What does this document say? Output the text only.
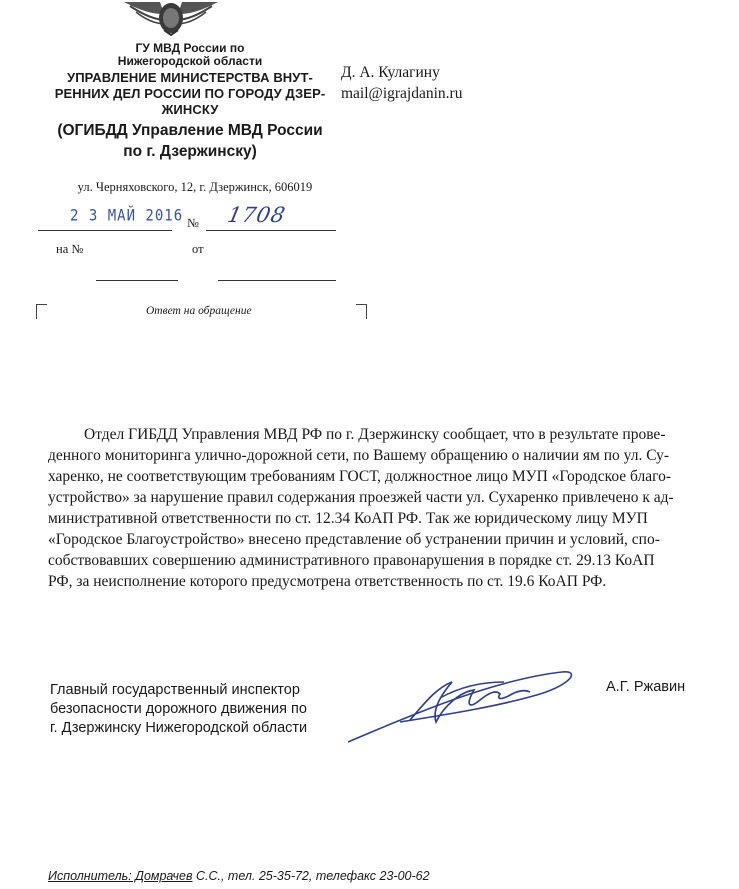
ГУ МВД России по
Нижегородской области
УПРАВЛЕНИЕ МИНИСТЕРСТВА ВНУТ-
РЕННИХ ДЕЛ РОССИИ ПО ГОРОДУ ДЗЕР-
ЖИНСКУ
(ОГИБДД Управление МВД России
по г. Дзержинску)
ул. Черняховского, 12, г. Дзержинск, 606019
2 3 МАЙ 2016 № 1708
на №	от
Д. А. Кулагину
mail@igrajdanin.ru
Ответ на обращение
Отдел ГИБДД Управления МВД РФ по г. Дзержинску сообщает, что в результате прове-
денного мониторинга улично-дорожной сети, по Вашему обращению о наличии ям по ул. Су-
харенко, не соответствующим требованиям ГОСТ, должностное лицо МУП «Городское благо-
устройство» за нарушение правил содержания проезжей части ул. Сухаренко привлечено к ад-
министративной ответственности по ст. 12.34 КоАП РФ. Так же юридическому лицу МУП
«Городское Благоустройство» внесено представление об устранении причин и условий, спо-
собствовавших совершению административного правонарушения в порядке ст. 29.13 КоАП
РФ, за неисполнение которого предусмотрена ответственность по ст. 19.6 КоАП РФ.
Главный государственный инспектор
безопасности дорожного движения по
г. Дзержинску Нижегородской области
А.Г. Ржавин
Исполнитель: Домрачев С.С., тел. 25-35-72, телефакс 23-00-62
